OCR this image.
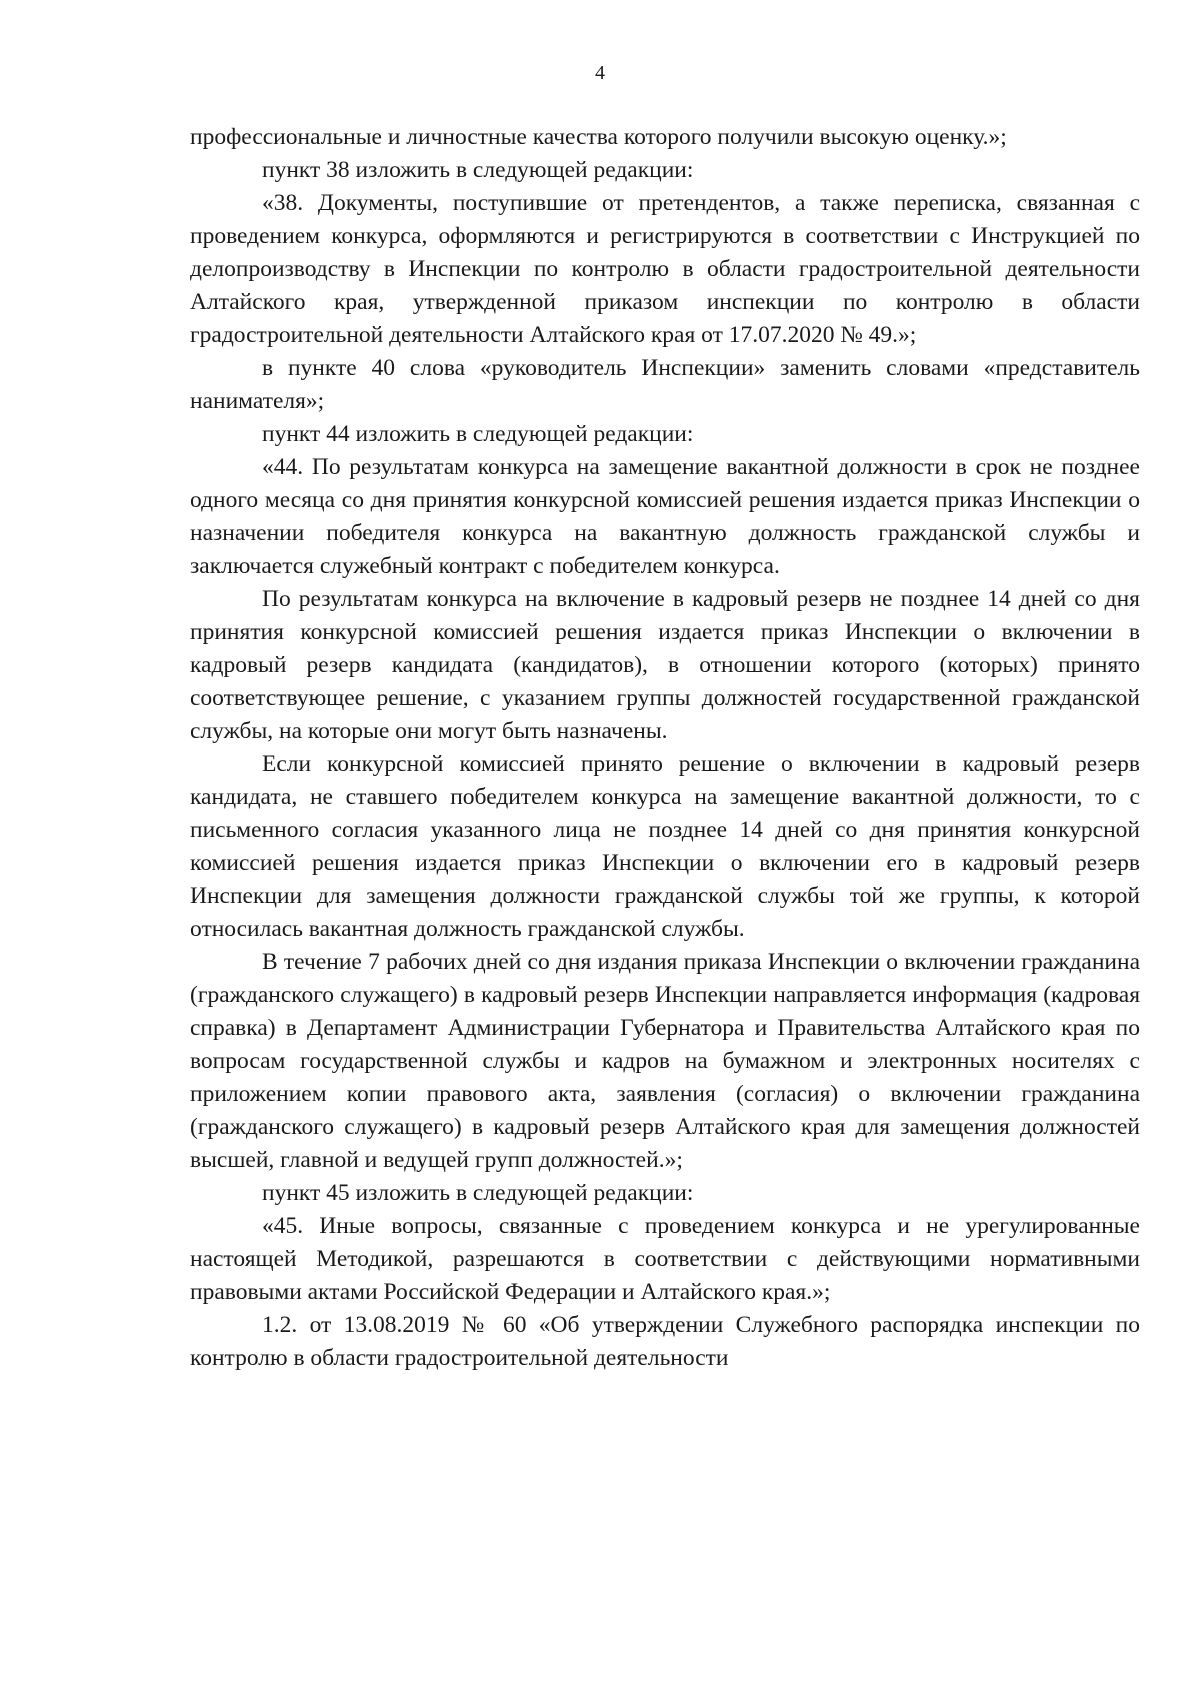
4

профессиональные и личностные качества которого получили высокую оценку.»;

пункт 38 изложить в следующей редакции:

«38. Документы, поступившие от претендентов, а также переписка, связанная с проведением конкурса, оформляются и регистрируются в соответствии с Инструкцией по делопроизводству в Инспекции по контролю в области градостроительной деятельности Алтайского края, утвержденной приказом инспекции по контролю в области градостроительной деятельности Алтайского края от 17.07.2020 № 49.»;

в пункте 40 слова «руководитель Инспекции» заменить словами «представитель нанимателя»;

пункт 44 изложить в следующей редакции:

«44. По результатам конкурса на замещение вакантной должности в срок не позднее одного месяца со дня принятия конкурсной комиссией решения издается приказ Инспекции о назначении победителя конкурса на вакантную должность гражданской службы и заключается служебный контракт с победителем конкурса.

По результатам конкурса на включение в кадровый резерв не позднее 14 дней со дня принятия конкурсной комиссией решения издается приказ Инспекции о включении в кадровый резерв кандидата (кандидатов), в отношении которого (которых) принято соответствующее решение, с указанием группы должностей государственной гражданской службы, на которые они могут быть назначены.

Если конкурсной комиссией принято решение о включении в кадровый резерв кандидата, не ставшего победителем конкурса на замещение вакантной должности, то с письменного согласия указанного лица не позднее 14 дней со дня принятия конкурсной комиссией решения издается приказ Инспекции о включении его в кадровый резерв Инспекции для замещения должности гражданской службы той же группы, к которой относилась вакантная должность гражданской службы.

В течение 7 рабочих дней со дня издания приказа Инспекции о включении гражданина (гражданского служащего) в кадровый резерв Инспекции направляется информация (кадровая справка) в Департамент Администрации Губернатора и Правительства Алтайского края по вопросам государственной службы и кадров на бумажном и электронных носителях с приложением копии правового акта, заявления (согласия) о включении гражданина (гражданского служащего) в кадровый резерв Алтайского края для замещения должностей высшей, главной и ведущей групп должностей.»;

пункт 45 изложить в следующей редакции:

«45. Иные вопросы, связанные с проведением конкурса и не урегулированные настоящей Методикой, разрешаются в соответствии с действующими нормативными правовыми актами Российской Федерации и Алтайского края.»;

1.2. от 13.08.2019 № 60 «Об утверждении Служебного распорядка инспекции по контролю в области градостроительной деятельности
